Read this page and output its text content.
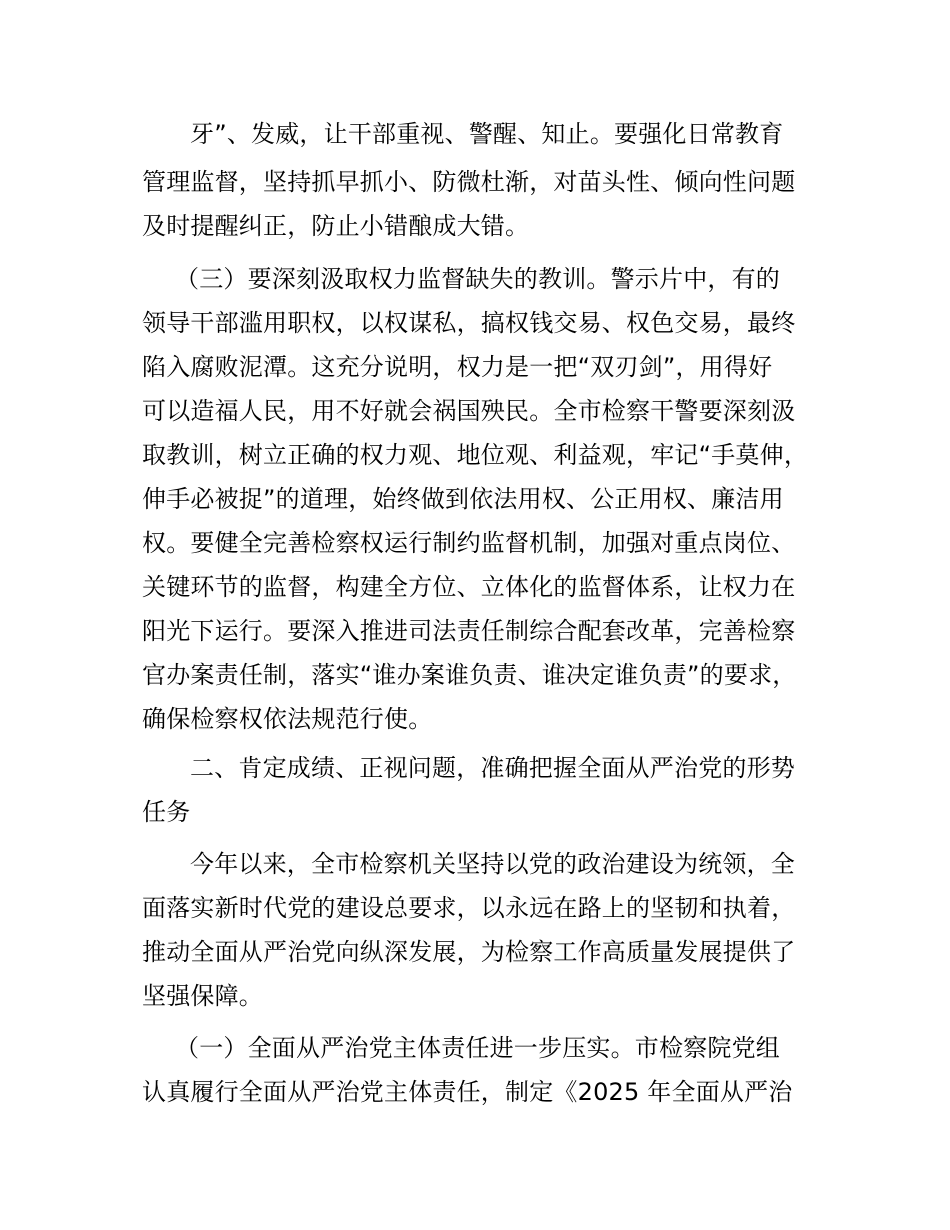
牙”、发威，让干部重视、警醒、知止。要强化日常教育

管理监督，坚持抓早抓小、防微杜渐，对苗头性、倾向性问题

及时提醒纠正，防止小错酿成大错。

（三）要深刻汲取权力监督缺失的教训。警示片中，有的

领导干部滥用职权，以权谋私，搞权钱交易、权色交易，最终

陷入腐败泥潭。这充分说明，权力是一把“双刃剑”，用得好

可以造福人民，用不好就会祸国殃民。全市检察干警要深刻汲

取教训，树立正确的权力观、地位观、利益观，牢记“手莫伸，

伸手必被捉”的道理，始终做到依法用权、公正用权、廉洁用

权。要健全完善检察权运行制约监督机制，加强对重点岗位、

关键环节的监督，构建全方位、立体化的监督体系，让权力在

阳光下运行。要深入推进司法责任制综合配套改革，完善检察

官办案责任制，落实“谁办案谁负责、谁决定谁负责”的要求，

确保检察权依法规范行使。

二、肯定成绩、正视问题，准确把握全面从严治党的形势

任务

今年以来，全市检察机关坚持以党的政治建设为统领，全

面落实新时代党的建设总要求，以永远在路上的坚韧和执着，

推动全面从严治党向纵深发展，为检察工作高质量发展提供了

坚强保障。

（一）全面从严治党主体责任进一步压实。市检察院党组

认真履行全面从严治党主体责任，制定《2025 年全面从严治
